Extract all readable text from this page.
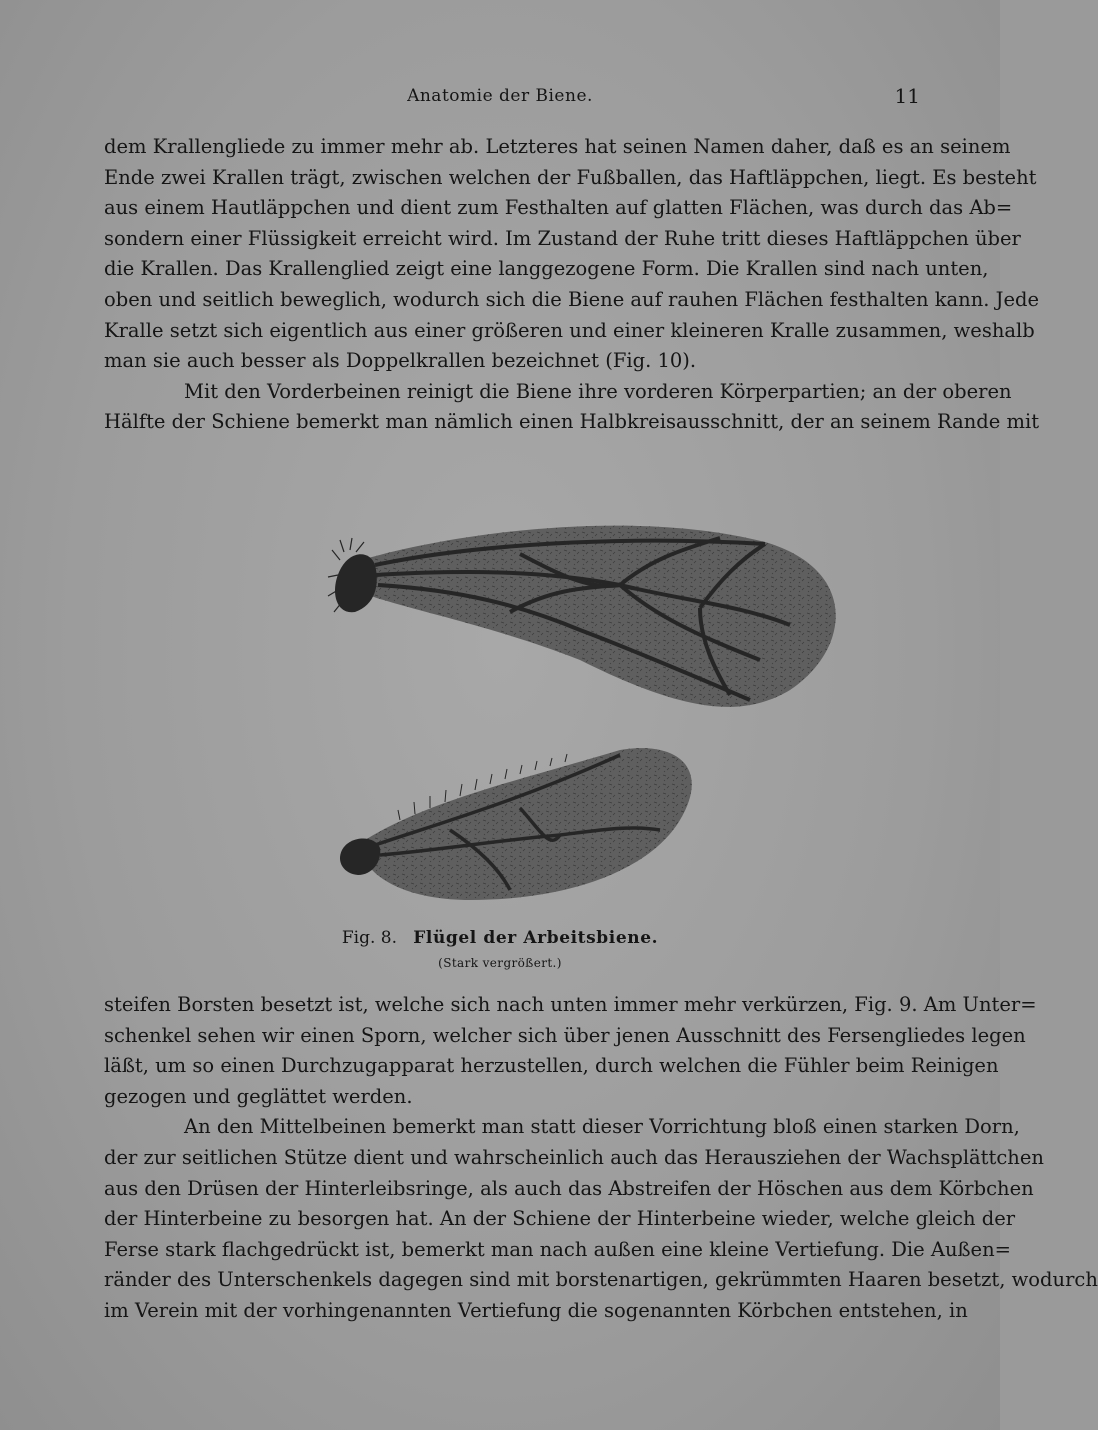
Anatomie der Biene.	11
dem Krallengliede zu immer mehr ab. Letzteres hat seinen Namen daher, daß es an seinem
Ende zwei Krallen trägt, zwischen welchen der Fußballen, das Haftläppchen, liegt. Es besteht
aus einem Hautläppchen und dient zum Festhalten auf glatten Flächen, was durch das Ab=
sondern einer Flüssigkeit erreicht wird. Im Zustand der Ruhe tritt dieses Haftläppchen über
die Krallen. Das Krallenglied zeigt eine langgezogene Form. Die Krallen sind nach unten,
oben und seitlich beweglich, wodurch sich die Biene auf rauhen Flächen festhalten kann. Jede
Kralle setzt sich eigentlich aus einer größeren und einer kleineren Kralle zusammen, weshalb
man sie auch besser als Doppelkrallen bezeichnet (Fig. 10).
Mit den Vorderbeinen reinigt die Biene ihre vorderen Körperpartien; an der oberen
Hälfte der Schiene bemerkt man nämlich einen Halbkreisausschnitt, der an seinem Rande mit
Fig. 8. Flügel der Arbeitsbiene.
(Stark vergrößert.)
steifen Borsten besetzt ist, welche sich nach unten immer mehr verkürzen, Fig. 9. Am Unter=
schenkel sehen wir einen Sporn, welcher sich über jenen Ausschnitt des Fersengliedes legen
läßt, um so einen Durchzugapparat herzustellen, durch welchen die Fühler beim Reinigen
gezogen und geglättet werden.
An den Mittelbeinen bemerkt man statt dieser Vorrichtung bloß einen starken Dorn,
der zur seitlichen Stütze dient und wahrscheinlich auch das Herausziehen der Wachsplättchen
aus den Drüsen der Hinterleibsringe, als auch das Abstreifen der Höschen aus dem Körbchen
der Hinterbeine zu besorgen hat. An der Schiene der Hinterbeine wieder, welche gleich der
Ferse stark flachgedrückt ist, bemerkt man nach außen eine kleine Vertiefung. Die Außen=
ränder des Unterschenkels dagegen sind mit borstenartigen, gekrümmten Haaren besetzt, wodurch
im Verein mit der vorhingenannten Vertiefung die sogenannten Körbchen entstehen, in
